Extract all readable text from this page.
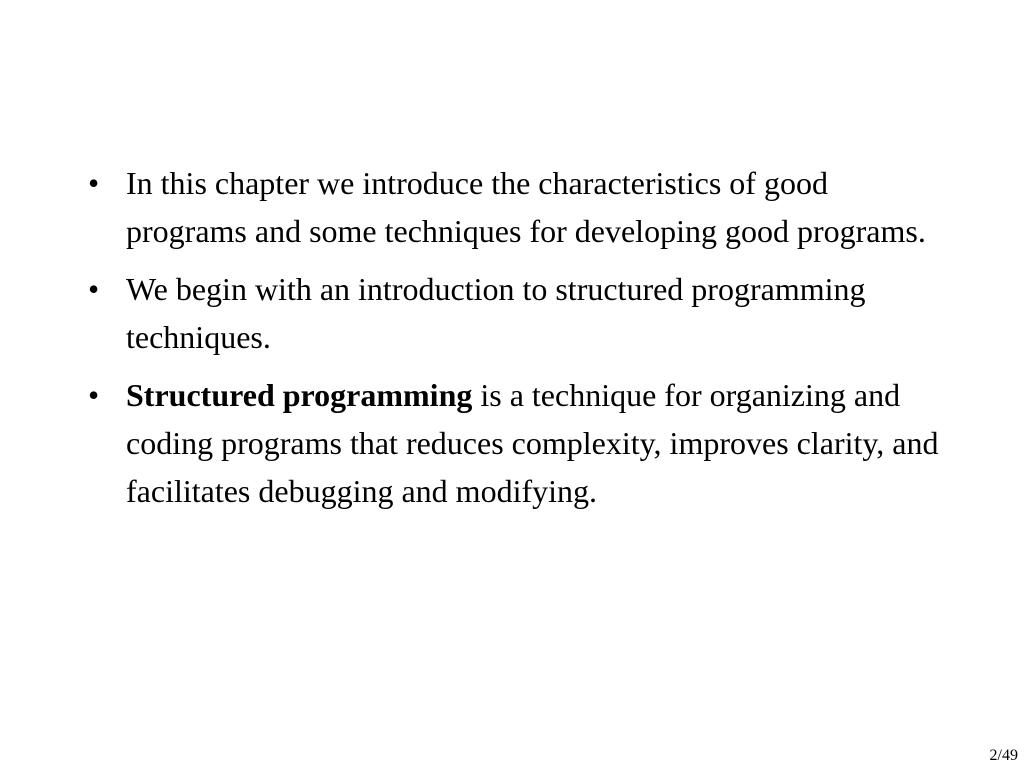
• In this chapter we introduce the characteristics of good programs and some techniques for developing good programs.
• We begin with an introduction to structured programming techniques.
• Structured programming is a technique for organizing and coding programs that reduces complexity, improves clarity, and facilitates debugging and modifying.
2/49
